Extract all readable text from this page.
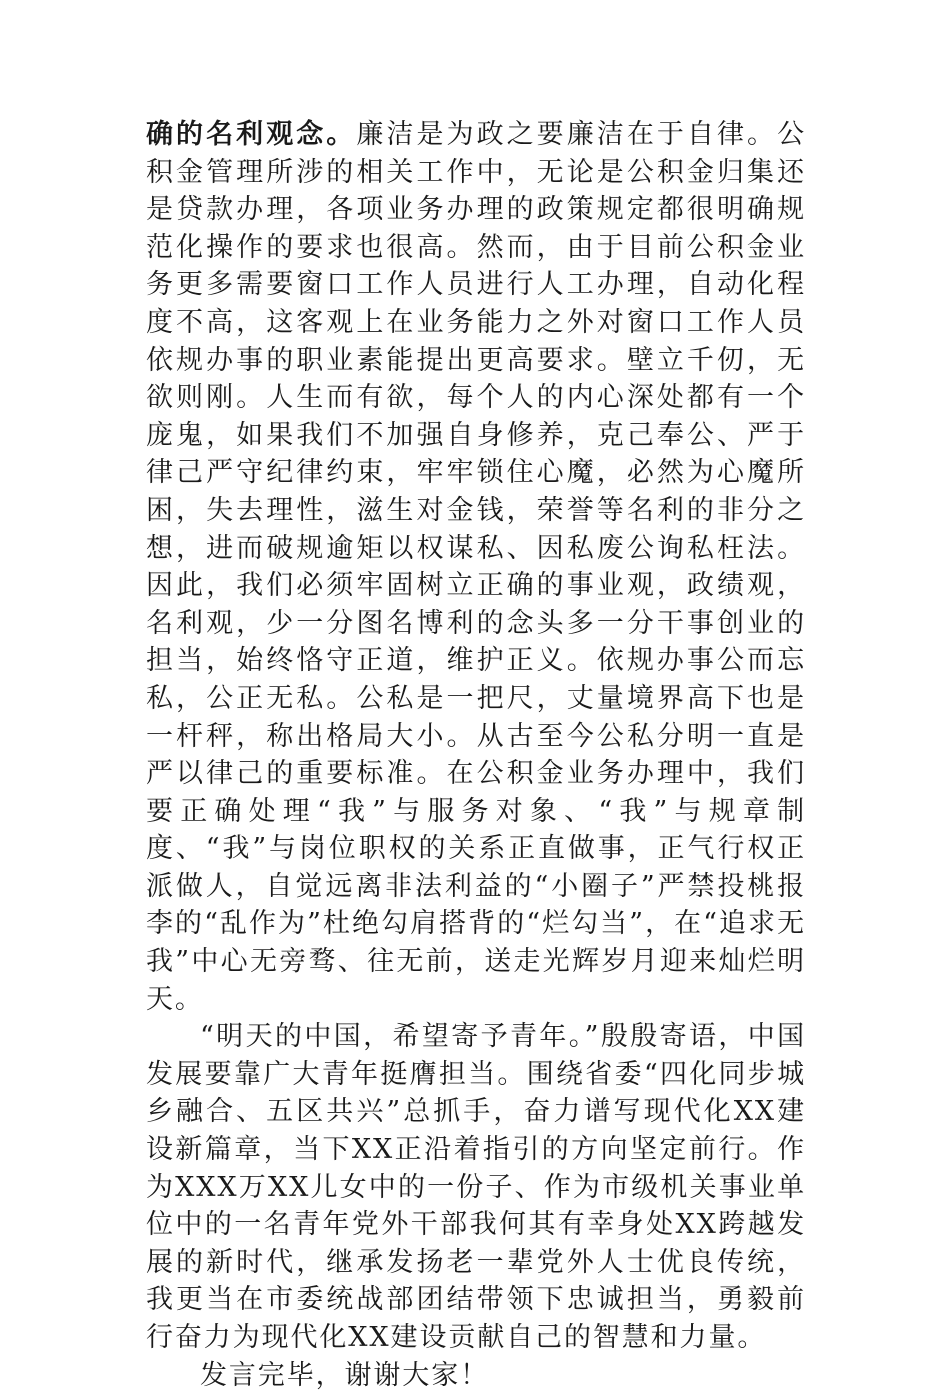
确的名利观念。廉洁是为政之要廉洁在于自律。公积金管理所涉的相关工作中，无论是公积金归集还是贷款办理，各项业务办理的政策规定都很明确规范化操作的要求也很高。然而，由于目前公积金业务更多需要窗口工作人员进行人工办理，自动化程度不高，这客观上在业务能力之外对窗口工作人员依规办事的职业素能提出更高要求。壁立千仞，无欲则刚。人生而有欲，每个人的内心深处都有一个庞鬼，如果我们不加强自身修养，克己奉公、严于律己严守纪律约束，牢牢锁住心魔，必然为心魔所困，失去理性，滋生对金钱，荣誉等名利的非分之想，进而破规逾矩以权谋私、因私废公询私枉法。因此，我们必须牢固树立正确的事业观，政绩观，名利观，少一分图名博利的念头多一分干事创业的担当，始终恪守正道，维护正义。依规办事公而忘私，公正无私。公私是一把尺，丈量境界高下也是一杆秤，称出格局大小。从古至今公私分明一直是严以律己的重要标准。在公积金业务办理中，我们要正确处理“我”与服务对象、“我”与规章制度、“我”与岗位职权的关系正直做事，正气行权正派做人，自觉远离非法利益的“小圈子”严禁投桃报李的“乱作为”杜绝勾肩搭背的“烂勾当”，在“追求无我”中心无旁骛、往无前，送走光辉岁月迎来灿烂明天。

“明天的中国，希望寄予青年。”殷殷寄语，中国发展要靠广大青年挺膺担当。围绕省委“四化同步城乡融合、五区共兴”总抓手，奋力谱写现代化XX建设新篇章，当下XX正沿着指引的方向坚定前行。作为XXX万XX儿女中的一份子、作为市级机关事业单位中的一名青年党外干部我何其有幸身处XX跨越发展的新时代，继承发扬老一辈党外人士优良传统，我更当在市委统战部团结带领下忠诚担当，勇毅前行奋力为现代化XX建设贡献自己的智慧和力量。

发言完毕，谢谢大家！
